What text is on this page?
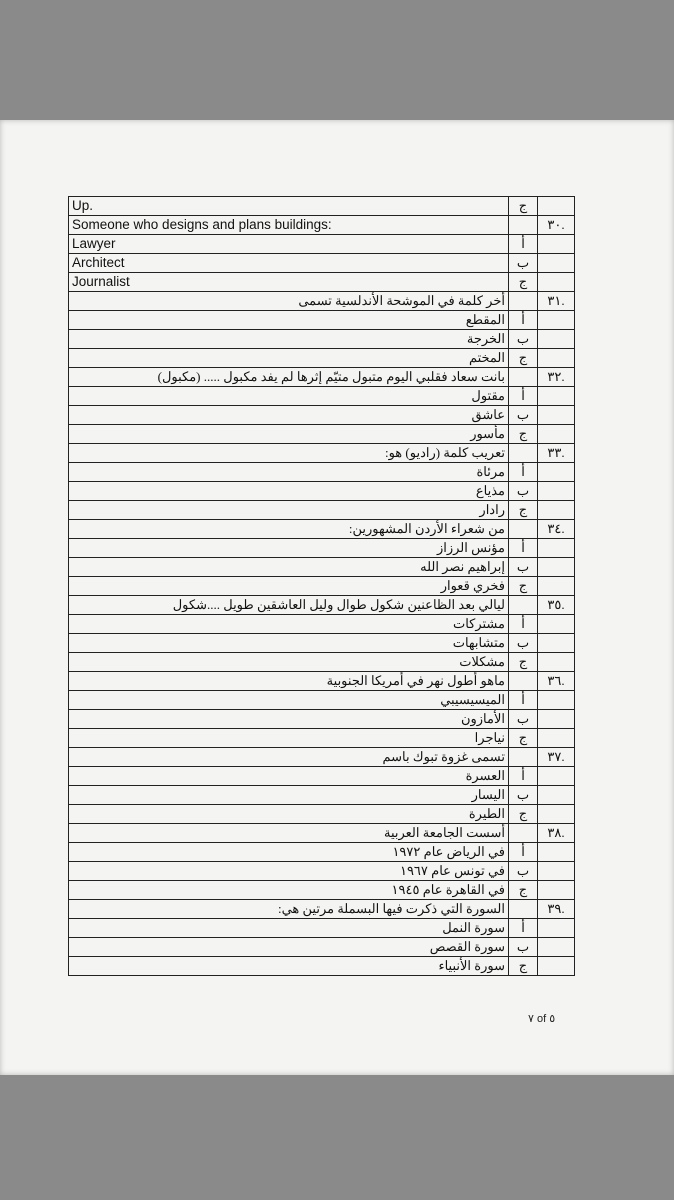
Up.	ج	
Someone who designs and plans buildings:		٣٠.
Lawyer	أ	
Architect	ب	
Journalist	ج	
أخر كلمة في الموشحة الأندلسية تسمى		٣١.
المقطع	أ	
الخرجة	ب	
المختم	ج	
بانت سعاد فقلبي اليوم متبول متيّم إثرها لم يفد مكبول ..... (مكبول)		٣٢.
مقتول	أ	
عاشق	ب	
مأسور	ج	
تعريب كلمة (راديو) هو:		٣٣.
مرئاة	أ	
مذياع	ب	
رادار	ج	
من شعراء الأردن المشهورين:		٣٤.
مؤنس الرزاز	أ	
إبراهيم نصر الله	ب	
فخري قعوار	ج	
ليالي بعد الظاعنين شكول طوال وليل العاشقين طويل ....شكول		٣٥.
مشتركات	أ	
متشابهات	ب	
مشكلات	ج	
ماهو أطول نهر في أمريكا الجنوبية		٣٦.
الميسيسيبي	أ	
الأمازون	ب	
نياجرا	ج	
تسمى غزوة تبوك باسم		٣٧.
العسرة	أ	
اليسار	ب	
الطيرة	ج	
أسست الجامعة العربية		٣٨.
في الرياض عام ١٩٧٢	أ	
في تونس عام ١٩٦٧	ب	
في القاهرة عام ١٩٤٥	ج	
السورة التي ذكرت فيها البسملة مرتين هي:		٣٩.
سورة النمل	أ	
سورة القصص	ب	
سورة الأنبياء	ج	
٧ of ٥
